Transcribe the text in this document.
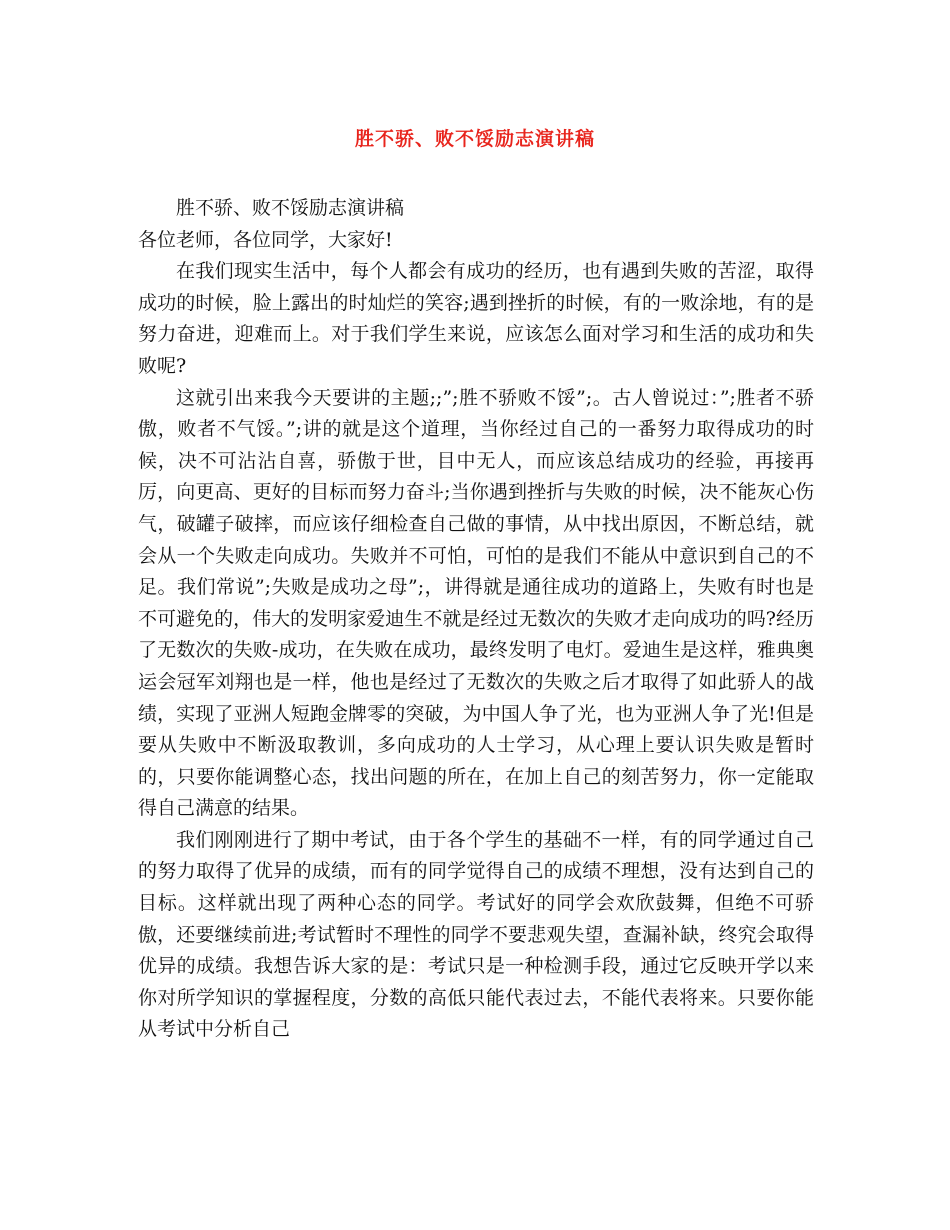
胜不骄、败不馁励志演讲稿

胜不骄、败不馁励志演讲稿

各位老师，各位同学，大家好!

在我们现实生活中，每个人都会有成功的经历，也有遇到失败的苦涩，取得成功的时候，脸上露出的时灿烂的笑容;遇到挫折的时候，有的一败涂地，有的是努力奋进，迎难而上。对于我们学生来说，应该怎么面对学习和生活的成功和失败呢?

这就引出来我今天要讲的主题;;”;胜不骄败不馁”;。古人曾说过：”;胜者不骄傲，败者不气馁。”;讲的就是这个道理，当你经过自己的一番努力取得成功的时候，决不可沾沾自喜，骄傲于世，目中无人，而应该总结成功的经验，再接再厉，向更高、更好的目标而努力奋斗;当你遇到挫折与失败的时候，决不能灰心伤气，破罐子破摔，而应该仔细检查自己做的事情，从中找出原因，不断总结，就会从一个失败走向成功。失败并不可怕，可怕的是我们不能从中意识到自己的不足。我们常说”;失败是成功之母”;，讲得就是通往成功的道路上，失败有时也是不可避免的，伟大的发明家爱迪生不就是经过无数次的失败才走向成功的吗?经历了无数次的失败-成功，在失败在成功，最终发明了电灯。爱迪生是这样，雅典奥运会冠军刘翔也是一样，他也是经过了无数次的失败之后才取得了如此骄人的战绩，实现了亚洲人短跑金牌零的突破，为中国人争了光，也为亚洲人争了光!但是要从失败中不断汲取教训，多向成功的人士学习，从心理上要认识失败是暂时的，只要你能调整心态，找出问题的所在，在加上自己的刻苦努力，你一定能取得自己满意的结果。

我们刚刚进行了期中考试，由于各个学生的基础不一样，有的同学通过自己的努力取得了优异的成绩，而有的同学觉得自己的成绩不理想，没有达到自己的目标。这样就出现了两种心态的同学。考试好的同学会欢欣鼓舞，但绝不可骄傲，还要继续前进;考试暂时不理性的同学不要悲观失望，查漏补缺，终究会取得优异的成绩。我想告诉大家的是：考试只是一种检测手段，通过它反映开学以来你对所学知识的掌握程度，分数的高低只能代表过去，不能代表将来。只要你能从考试中分析自己
